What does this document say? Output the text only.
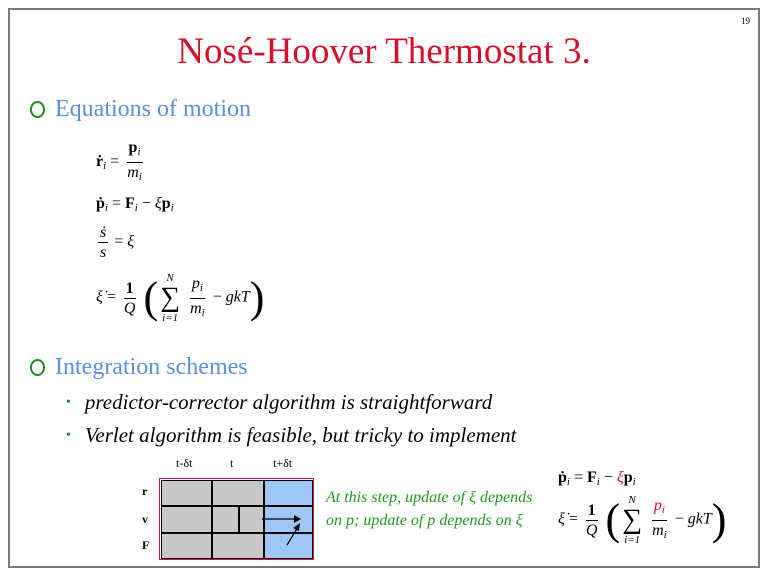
19
Nosé-Hoover Thermostat 3.
Equations of motion
ṙ$_i$ = $\frac{p_i}{m_i}$
ṗ$_i$ = $F_i - \xi p_i$
$\frac{\text{ṡ}}{s} = \xi$
ξ̇ = $\frac{1}{Q}$ ( N
∑
i=1
$\frac{p_i}{m_i} - gkT$)
Integration schemes
• predictor-corrector algorithm is straightforward
• Verlet algorithm is feasible, but tricky to implement
t-δt	t	t+δt
r
v
F
At this step, update of ξ depends on p; update of p depends on ξ
ṗ$_i$ = $F_i - \xi p_i$
ξ̇ = $\frac{1}{Q}$ ( N
∑
i=1
$\frac{p_i}{m_i} - gkT$)
